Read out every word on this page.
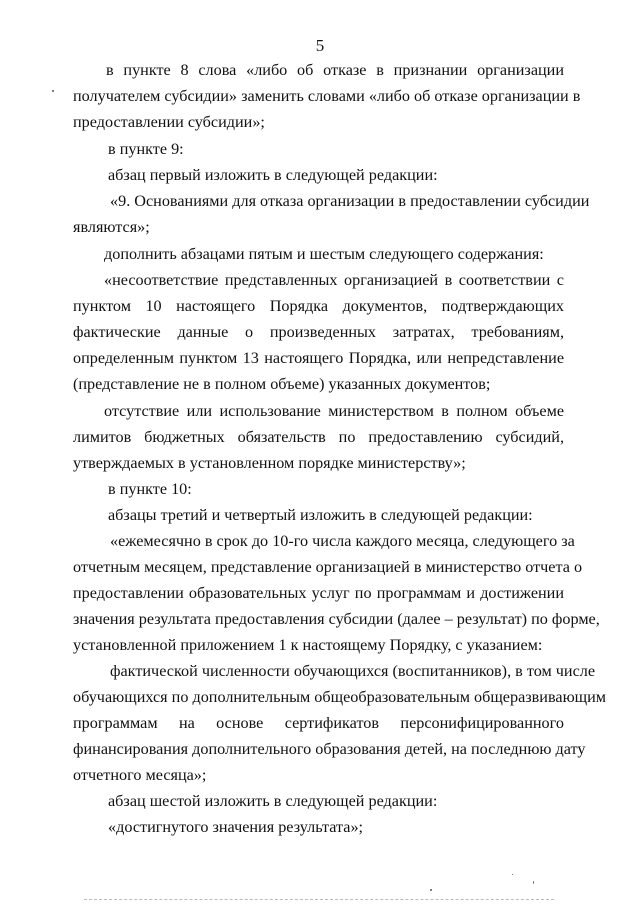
5
в пункте 8 слова «либо об отказе в признании организации
получателем субсидии» заменить словами «либо об отказе организации в
предоставлении субсидии»;
в пункте 9:
абзац первый изложить в следующей редакции:
«9. Основаниями для отказа организации в предоставлении субсидии
являются»;
дополнить абзацами пятым и шестым следующего содержания:
«несоответствие представленных организацией в соответствии с
пунктом 10 настоящего Порядка документов, подтверждающих
фактические данные о произведенных затратах, требованиям,
определенным пунктом 13 настоящего Порядка, или непредставление
(представление не в полном объеме) указанных документов;
отсутствие или использование министерством в полном объеме
лимитов бюджетных обязательств по предоставлению субсидий,
утверждаемых в установленном порядке министерству»;
в пункте 10:
абзацы третий и четвертый изложить в следующей редакции:
«ежемесячно в срок до 10-го числа каждого месяца, следующего за
отчетным месяцем, представление организацией в министерство отчета о
предоставлении образовательных услуг по программам и достижении
значения результата предоставления субсидии (далее – результат) по форме,
установленной приложением 1 к настоящему Порядку, с указанием:
фактической численности обучающихся (воспитанников), в том числе
обучающихся по дополнительным общеобразовательным общеразвивающим
программам на основе сертификатов персонифицированного
финансирования дополнительного образования детей, на последнюю дату
отчетного месяца»;
абзац шестой изложить в следующей редакции:
«достигнутого значения результата»;
